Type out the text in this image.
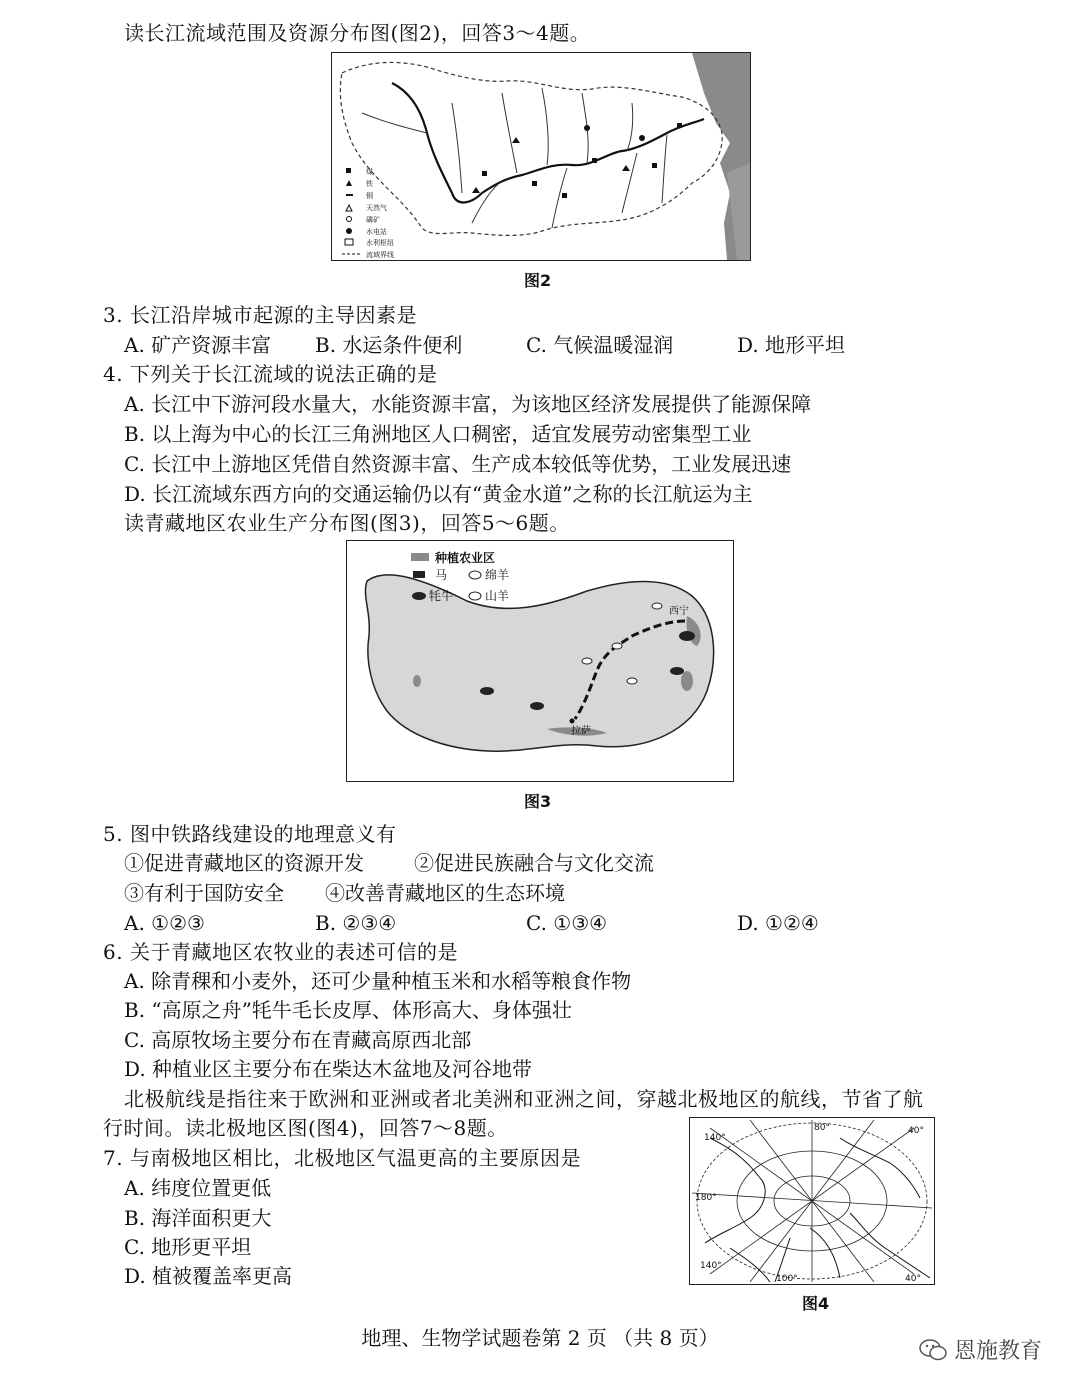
读长江流域范围及资源分布图(图2)，回答3～4题。
煤
铁
铜
天然气
磷矿
水电站
水利枢纽
流域界线
图2
3. 长江沿岸城市起源的主导因素是
A. 矿产资源丰富 B. 水运条件便利	C. 气候温暖湿润	D. 地形平坦
4. 下列关于长江流域的说法正确的是
A. 长江中下游河段水量大，水能资源丰富，为该地区经济发展提供了能源保障
B. 以上海为中心的长江三角洲地区人口稠密，适宜发展劳动密集型工业
C. 长江中上游地区凭借自然资源丰富、生产成本较低等优势，工业发展迅速
D. 长江流域东西方向的交通运输仍以有“黄金水道”之称的长江航运为主
读青藏地区农业生产分布图(图3)，回答5～6题。
种植农业区
马	绵羊
牦牛	山羊
西宁
拉萨
图3
5. 图中铁路线建设的地理意义有
①促进青藏地区的资源开发	②促进民族融合与文化交流
③有利于国防安全 ④改善青藏地区的生态环境
A. ①②③	B. ②③④	C. ①③④	D. ①②④
6. 关于青藏地区农牧业的表述可信的是
A. 除青稞和小麦外，还可少量种植玉米和水稻等粮食作物
B. “高原之舟”牦牛毛长皮厚、体形高大、身体强壮
C. 高原牧场主要分布在青藏高原西北部
D. 种植业区主要分布在柴达木盆地及河谷地带
北极航线是指往来于欧洲和亚洲或者北美洲和亚洲之间，穿越北极地区的航线，节省了航
行时间。读北极地区图(图4)，回答7～8题。
7. 与南极地区相比，北极地区气温更高的主要原因是
A. 纬度位置更低
B. 海洋面积更大
C. 地形更平坦
D. 植被覆盖率更高
140°
80°	40°
180°
140°
100°	40°
图4
恩施教育
地理、生物学试题卷第 2 页 （共 8 页）
